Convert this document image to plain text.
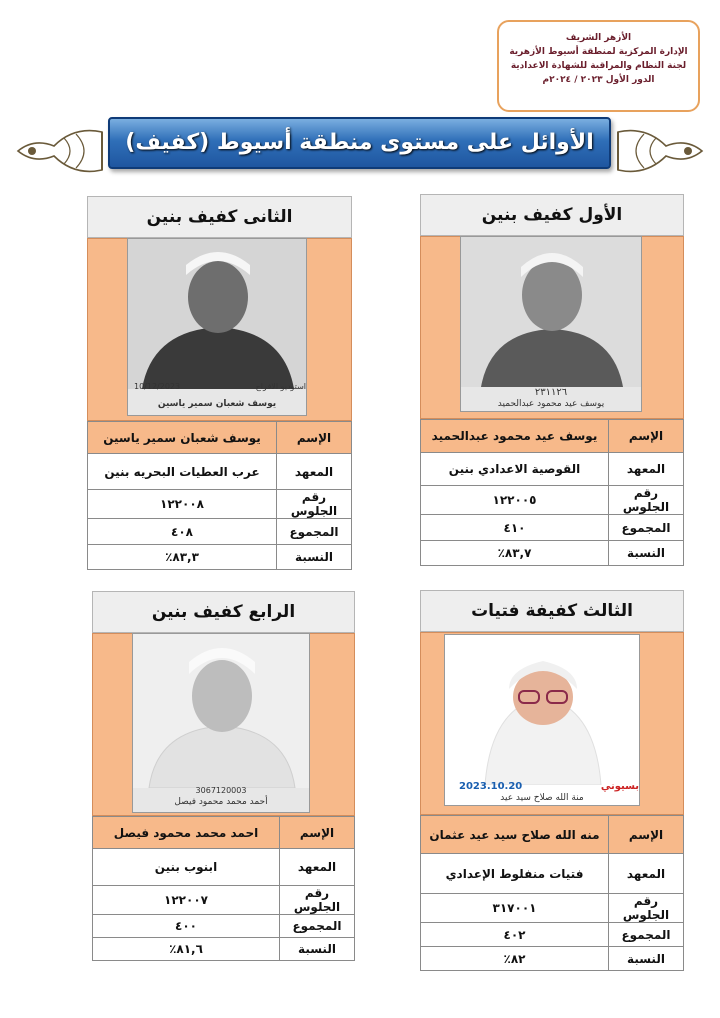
الأزهر الشريف
الإدارة المركزية لمنطقة أسيوط الأزهرية
لجنة النظام والمراقبة للشهادة الاعدادية
الدور الأول ٢٠٢٣ / ٢٠٢٤م
الأوائل على مستوى منطقة أسيوط (كفيف)
الأول كفيف بنين
٢٣١١٢٦
يوسف عيد محمود عبدالحميد
الإسم	يوسف عيد محمود عبدالحميد
المعهد	القوصية الاعدادي بنين
رقم الجلوس	١٢٢٠٠٥
المجموع	٤١٠
النسبة	٨٣,٧٪
الثانى كفيف بنين
10/12/2023	استوديو الافراح
يوسف شعبان سمير ياسين
الإسم	يوسف شعبان سمير ياسين
المعهد	عرب العطيات البحريه بنين
رقم الجلوس	١٢٢٠٠٨
المجموع	٤٠٨
النسبة	٨٣,٣٪
الثالث كفيفة فتيات
2023.10.20	بسيوني
منة الله صلاح سيد عيد
الإسم	منه الله صلاح سيد عيد عثمان
المعهد	فتيات منفلوط الإعدادي
رقم الجلوس	٣١٧٠٠١
المجموع	٤٠٢
النسبة	٨٢٪
الرابع كفيف بنين
3067120003
أحمد محمد محمود فيصل
الإسم	احمد محمد محمود فيصل
المعهد	ابنوب بنين
رقم الجلوس	١٢٢٠٠٧
المجموع	٤٠٠
النسبة	٨١,٦٪
